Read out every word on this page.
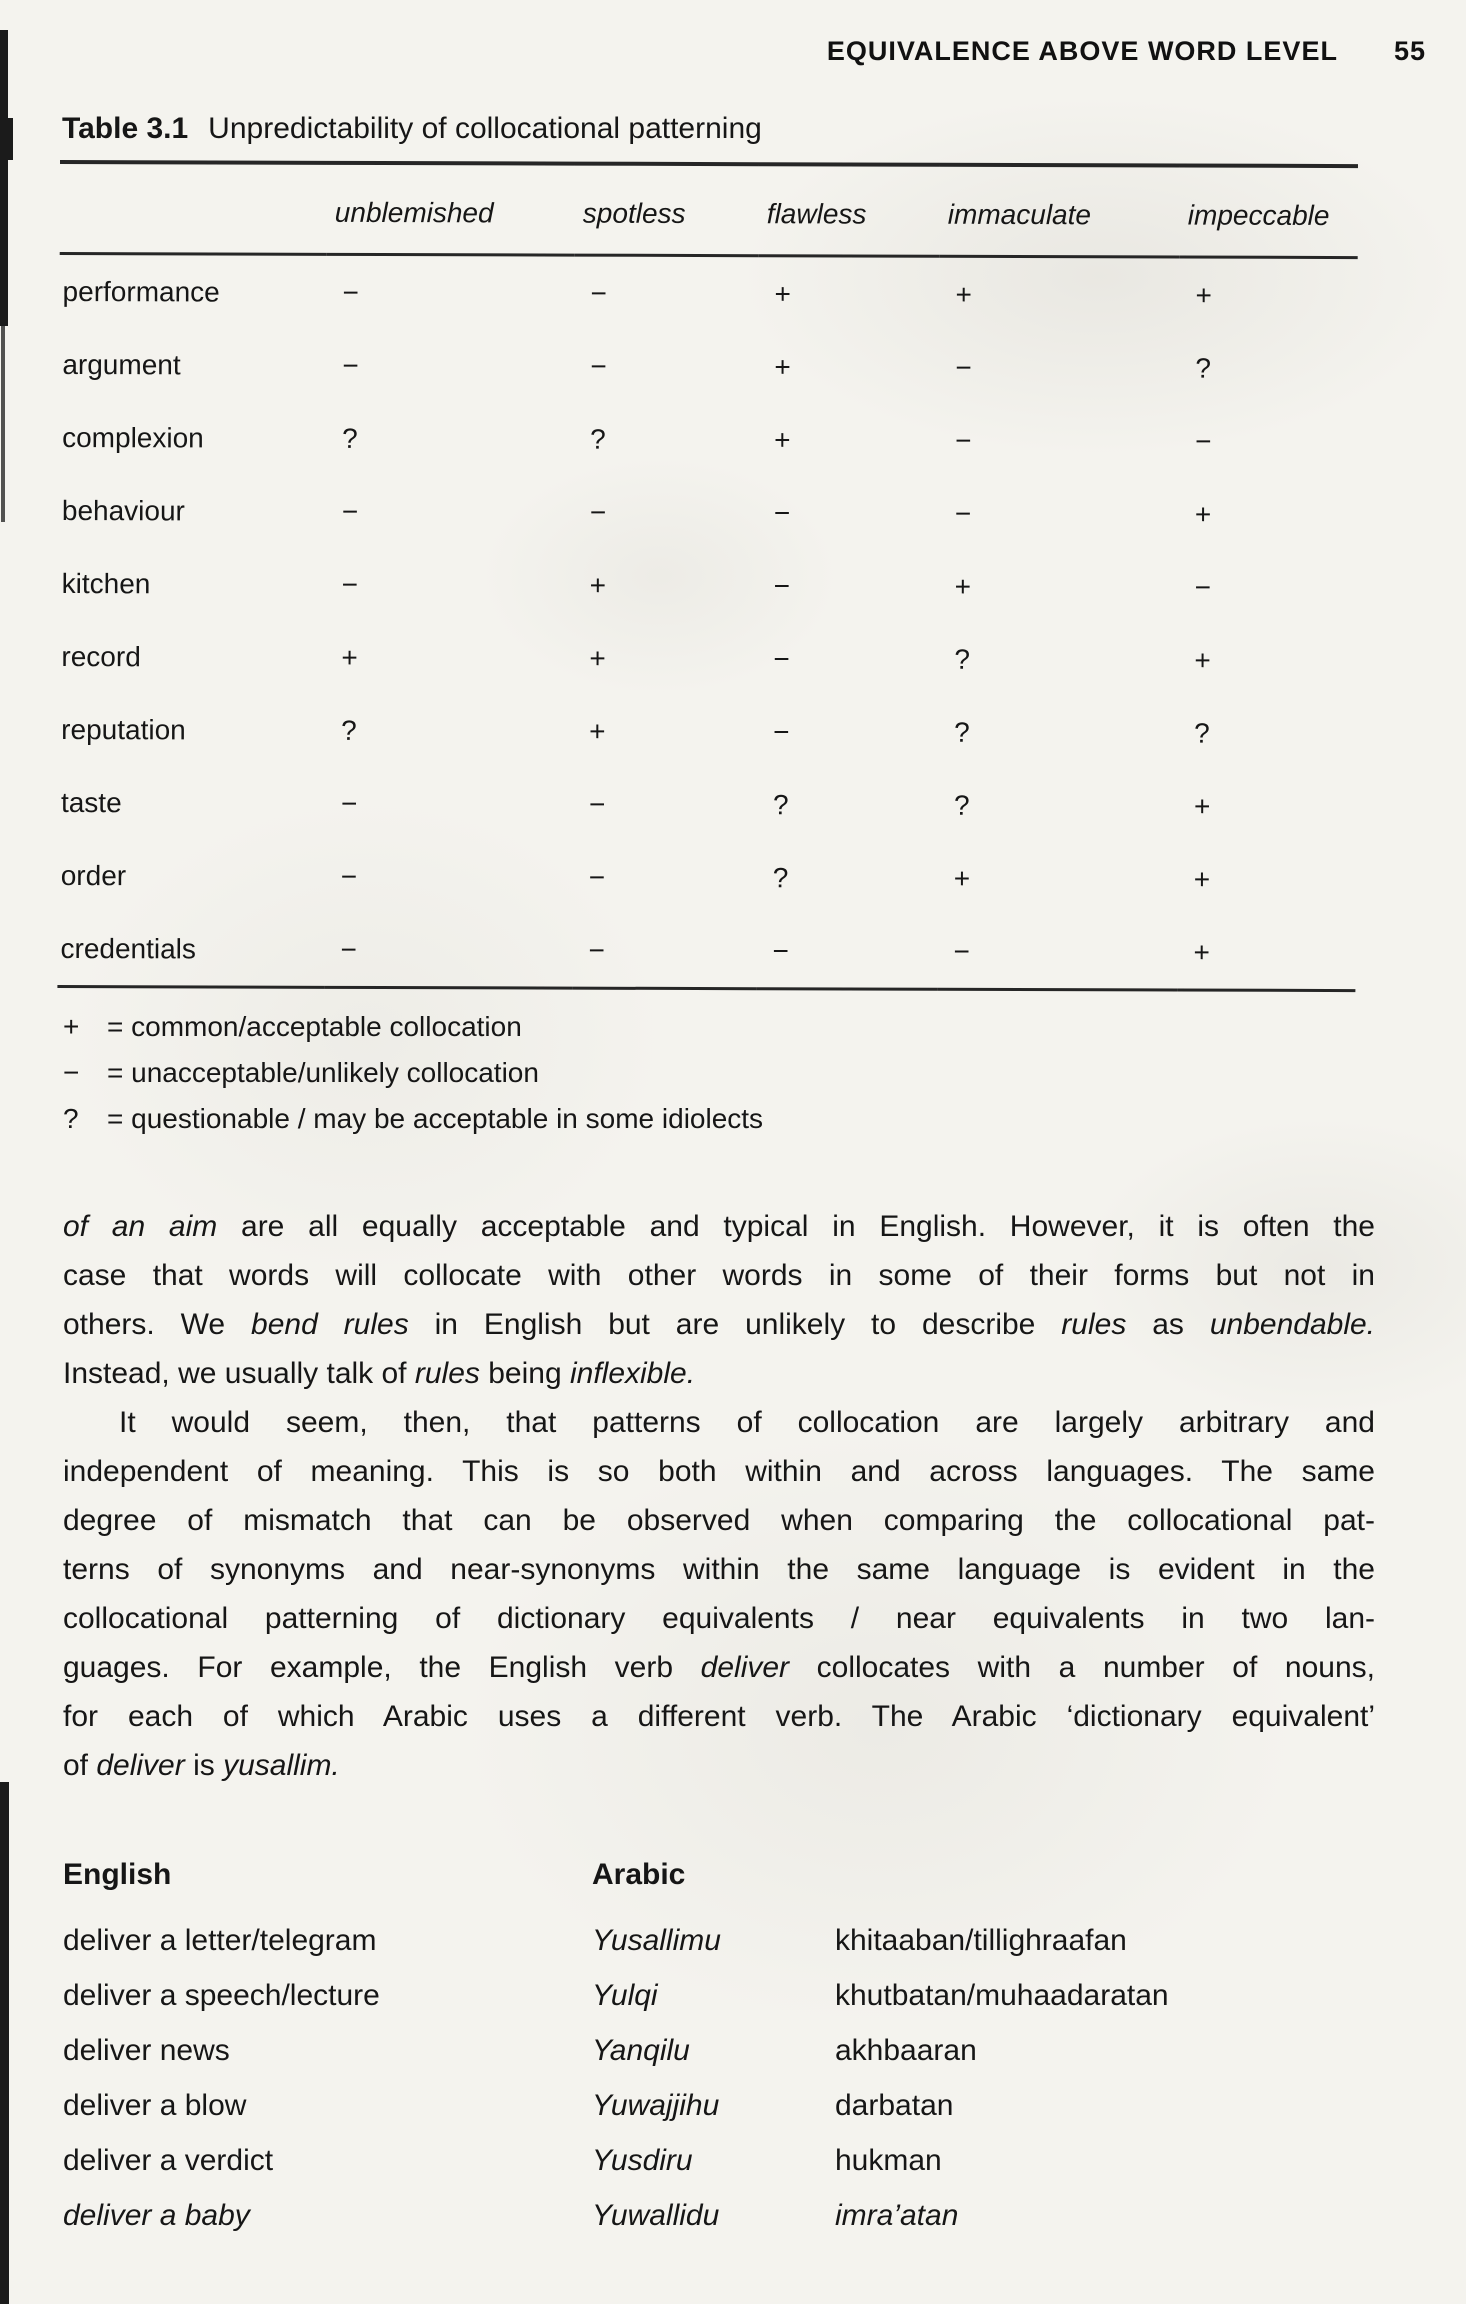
EQUIVALENCE ABOVE WORD LEVEL 55
Table 3.1 Unpredictability of collocational patterning
	unblemished	spotless	flawless	immaculate	impeccable
performance	−	−	+	+	+
argument	−	−	+	−	?
complexion	?	?	+	−	−
behaviour	−	−	−	−	+
kitchen	−	+	−	+	−
record	+	+	−	?	+
reputation	?	+	−	?	?
taste	−	−	?	?	+
order	−	−	?	+	+
credentials	−	−	−	−	+
+ = common/acceptable collocation
− = unacceptable/unlikely collocation
?	= questionable / may be acceptable in some idiolects
of an aim are all equally acceptable and typical in English. However, it is often the
case that words will collocate with other words in some of their forms but not in
others. We bend rules in English but are unlikely to describe rules as unbendable.
Instead, we usually talk of rules being inflexible.
It would seem, then, that patterns of collocation are largely arbitrary and
independent of meaning. This is so both within and across languages. The same
degree of mismatch that can be observed when comparing the collocational pat-
terns of synonyms and near-synonyms within the same language is evident in the
collocational patterning of dictionary equivalents / near equivalents in two lan-
guages. For example, the English verb deliver collocates with a number of nouns,
for each of which Arabic uses a different verb. The Arabic ‘dictionary equivalent’
of deliver is yusallim.
English	Arabic
deliver a letter/telegram	Yusallimu	khitaaban/tillighraafan
deliver a speech/lecture	Yulqi	khutbatan/muhaadaratan
deliver news	Yanqilu	akhbaaran
deliver a blow	Yuwajjihu	darbatan
deliver a verdict	Yusdiru	hukman
deliver a baby	Yuwallidu	imra’atan
